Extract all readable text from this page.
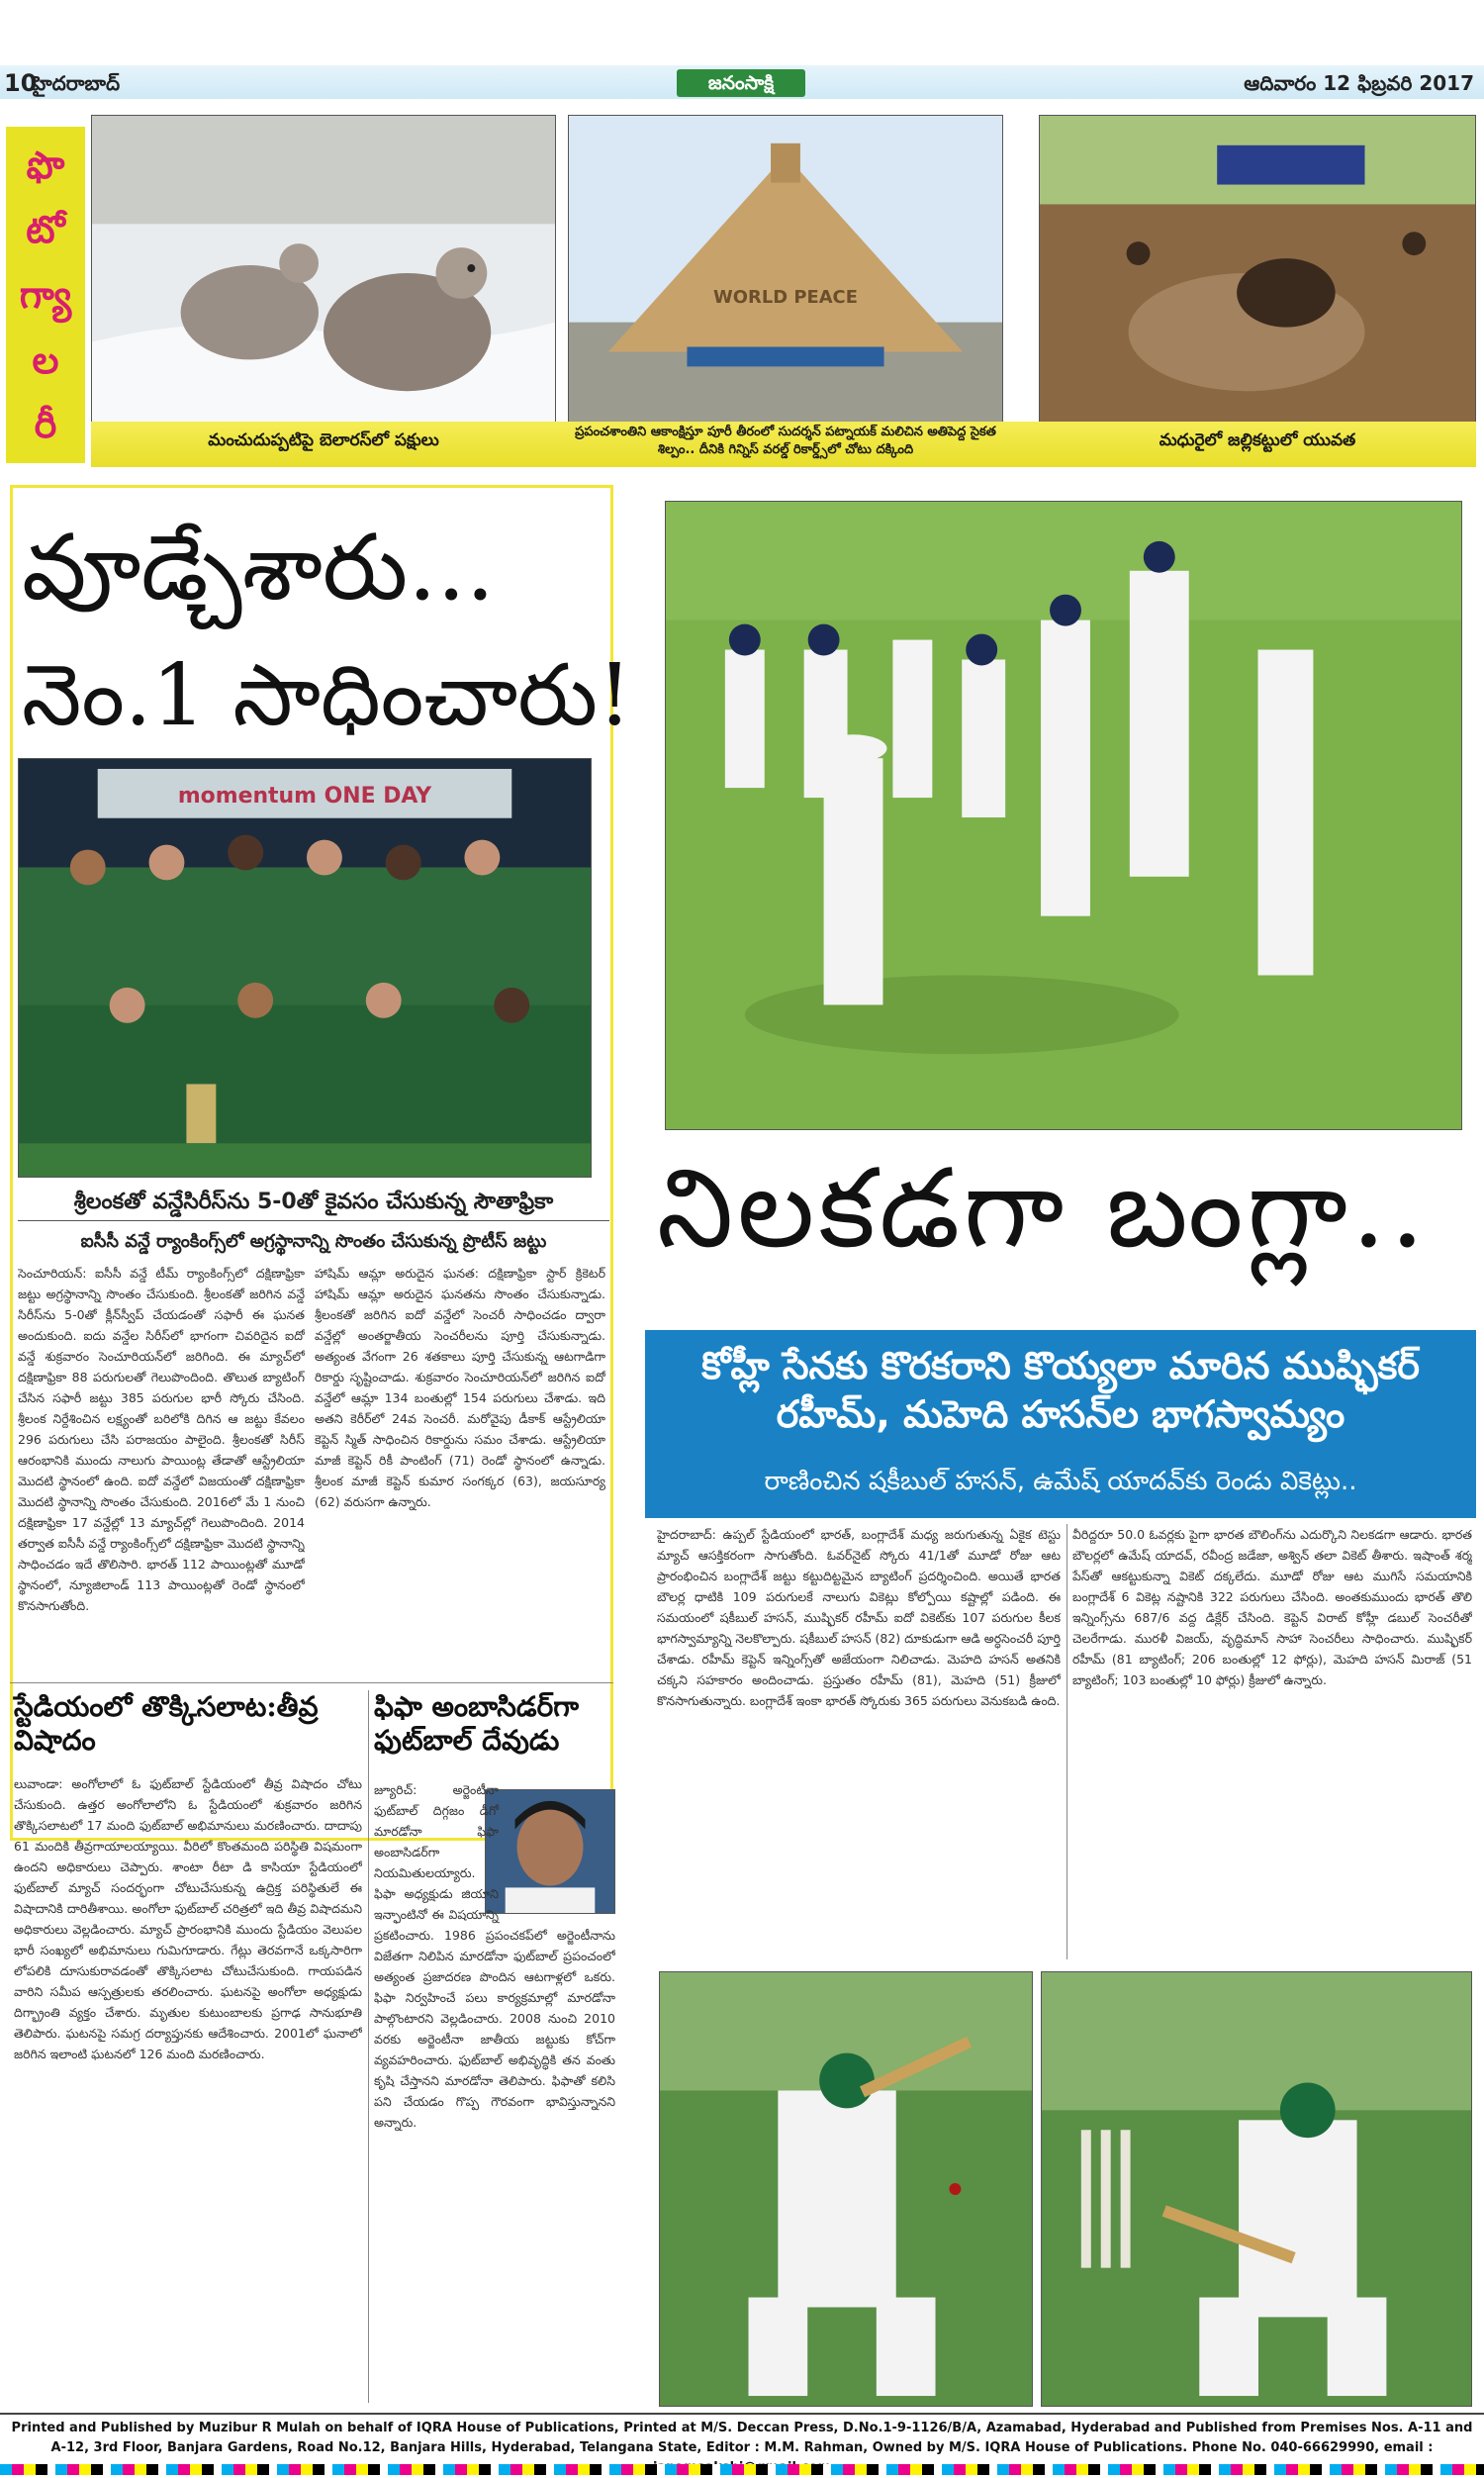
10
హైదరాబాద్	జనంసాక్షి	ఆదివారం 12 ఫిబ్రవరి 2017
ఫొ
టో
గ్యా
ల
రీ
WORLD PEACE
మంచుదుప్పటిపై బెలారస్‌లో పక్షులు	ప్రపంచశాంతిని ఆకాంక్షిస్తూ పూరీ తీరంలో సుదర్శన్ పట్నాయక్ మలిచిన అతిపెద్ద సైకత శిల్పం.. దీనికి గిన్నిస్ వరల్డ్ రికార్డ్స్‌లో చోటు దక్కింది	మధురైలో జల్లికట్టులో యువత
వూడ్చేశారు...
నెం.1 సాధించారు!
momentum ONE DAY
శ్రీలంకతో వన్డేసిరీస్‌ను 5-0తో కైవసం చేసుకున్న సౌతాఫ్రికా
ఐసీసీ వన్డే ర్యాంకింగ్స్‌లో అగ్రస్థానాన్ని సొంతం చేసుకున్న ప్రొటీస్ జట్టు
సెంచూరియన్: ఐసీసీ వన్డే టీమ్ ర్యాంకింగ్స్‌లో దక్షిణాఫ్రికా జట్టు అగ్రస్థానాన్ని సొంతం చేసుకుంది. శ్రీలంకతో జరిగిన వన్డే సిరీస్‌ను 5-0తో క్లీన్‌స్వీప్ చేయడంతో సఫారీ ఈ ఘనత అందుకుంది. ఐదు వన్డేల సిరీస్‌లో భాగంగా చివరిదైన ఐదో వన్డే శుక్రవారం సెంచూరియన్‌లో జరిగింది. ఈ మ్యాచ్‌లో దక్షిణాఫ్రికా 88 పరుగులతో గెలుపొందింది. తొలుత బ్యాటింగ్ చేసిన సఫారీ జట్టు 385 పరుగుల భారీ స్కోరు చేసింది. శ్రీలంక నిర్దేశించిన లక్ష్యంతో బరిలోకి దిగిన ఆ జట్టు కేవలం 296 పరుగులు చేసి పరాజయం పాలైంది. శ్రీలంకతో సిరీస్ ఆరంభానికి ముందు నాలుగు పాయింట్ల తేడాతో ఆస్ట్రేలియా మొదటి స్థానంలో ఉంది. ఐదో వన్డేలో విజయంతో దక్షిణాఫ్రికా మొదటి స్థానాన్ని సొంతం చేసుకుంది. 2016లో మే 1 నుంచి దక్షిణాఫ్రికా 17 వన్డేల్లో 13 మ్యాచ్‌ల్లో గెలుపొందింది. 2014 తర్వాత ఐసీసీ వన్డే ర్యాంకింగ్స్‌లో దక్షిణాఫ్రికా మొదటి స్థానాన్ని సాధించడం ఇదే తొలిసారి. భారత్ 112 పాయింట్లతో మూడో స్థానంలో, న్యూజిలాండ్ 113 పాయింట్లతో రెండో స్థానంలో కొనసాగుతోంది.
హాషిమ్ ఆమ్లా అరుదైన ఘనత: దక్షిణాఫ్రికా స్టార్ క్రికెటర్ హాషిమ్ ఆమ్లా అరుదైన ఘనతను సొంతం చేసుకున్నాడు. శ్రీలంకతో జరిగిన ఐదో వన్డేలో సెంచరీ సాధించడం ద్వారా వన్డేల్లో అంతర్జాతీయ సెంచరీలను పూర్తి చేసుకున్నాడు. అత్యంత వేగంగా 26 శతకాలు పూర్తి చేసుకున్న ఆటగాడిగా రికార్డు సృష్టించాడు. శుక్రవారం సెంచూరియన్‌లో జరిగిన ఐదో వన్డేలో ఆమ్లా 134 బంతుల్లో 154 పరుగులు చేశాడు. ఇది అతని కెరీర్‌లో 24వ సెంచరీ. మరోవైపు డీకాక్ ఆస్ట్రేలియా కెప్టెన్ స్మిత్ సాధించిన రికార్డును సమం చేశాడు. ఆస్ట్రేలియా మాజీ కెప్టెన్ రికీ పాంటింగ్ (71) రెండో స్థానంలో ఉన్నాడు. శ్రీలంక మాజీ కెప్టెన్ కుమార సంగక్కర (63), జయసూర్య (62) వరుసగా ఉన్నారు.
స్టేడియంలో తొక్కిసలాట:తీవ్ర విషాదం
లువాండా: అంగోలాలో ఓ ఫుట్‌బాల్ స్టేడియంలో తీవ్ర విషాదం చోటు చేసుకుంది. ఉత్తర అంగోలాలోని ఓ స్టేడియంలో శుక్రవారం జరిగిన తొక్కిసలాటలో 17 మంది ఫుట్‌బాల్ అభిమానులు మరణించారు. దాదాపు 61 మందికి తీవ్రగాయాలయ్యాయి. వీరిలో కొంతమంది పరిస్థితి విషమంగా ఉందని అధికారులు చెప్పారు. శాంటా రీటా డి కాసియా స్టేడియంలో ఫుట్‌బాల్ మ్యాచ్ సందర్భంగా చోటుచేసుకున్న ఉద్రిక్త పరిస్థితులే ఈ విషాదానికి దారితీశాయి. అంగోలా ఫుట్‌బాల్ చరిత్రలో ఇది తీవ్ర విషాదమని అధికారులు వెల్లడించారు. మ్యాచ్ ప్రారంభానికి ముందు స్టేడియం వెలుపల భారీ సంఖ్యలో అభిమానులు గుమిగూడారు. గేట్లు తెరవగానే ఒక్కసారిగా లోపలికి దూసుకురావడంతో తొక్కిసలాట చోటుచేసుకుంది. గాయపడిన వారిని సమీప ఆస్పత్రులకు తరలించారు. ఘటనపై అంగోలా అధ్యక్షుడు దిగ్భ్రాంతి వ్యక్తం చేశారు. మృతుల కుటుంబాలకు ప్రగాఢ సానుభూతి తెలిపారు. ఘటనపై సమగ్ర దర్యాప్తునకు ఆదేశించారు. 2001లో ఘనాలో జరిగిన ఇలాంటి ఘటనలో 126 మంది మరణించారు.
ఫిఫా అంబాసిడర్‌గా ఫుట్‌బాల్ దేవుడు
జ్యూరిచ్: అర్జెంటీనా ఫుట్‌బాల్ దిగ్గజం డీగో మారడోనా ఫిఫా అంబాసిడర్‌గా నియమితులయ్యారు. ఫిఫా అధ్యక్షుడు జియాని ఇన్ఫాంటినో ఈ విషయాన్ని ప్రకటించారు. 1986 ప్రపంచకప్‌లో అర్జెంటీనాను విజేతగా నిలిపిన మారడోనా ఫుట్‌బాల్ ప్రపంచంలో అత్యంత ప్రజాదరణ పొందిన ఆటగాళ్లలో ఒకరు. ఫిఫా నిర్వహించే పలు కార్యక్రమాల్లో మారడోనా పాల్గొంటారని వెల్లడించారు. 2008 నుంచి 2010 వరకు అర్జెంటీనా జాతీయ జట్టుకు కోచ్‌గా వ్యవహరించారు. ఫుట్‌బాల్ అభివృద్ధికి తన వంతు కృషి చేస్తానని మారడోనా తెలిపారు. ఫిఫాతో కలిసి పని చేయడం గొప్ప గౌరవంగా భావిస్తున్నానని అన్నారు.
నిలకడగా బంగ్లా..
కోహ్లీ సేనకు కొరకరాని కొయ్యలా మారిన ముష్ఫికర్ రహీమ్, మహెది హసన్‌ల భాగస్వామ్యం
రాణించిన షకీబుల్ హసన్, ఉమేష్ యాదవ్‌కు రెండు వికెట్లు..
హైదరాబాద్: ఉప్పల్ స్టేడియంలో భారత్, బంగ్లాదేశ్ మధ్య జరుగుతున్న ఏకైక టెస్టు మ్యాచ్ ఆసక్తికరంగా సాగుతోంది. ఓవర్‌నైట్ స్కోరు 41/1తో మూడో రోజు ఆట ప్రారంభించిన బంగ్లాదేశ్ జట్టు కట్టుదిట్టమైన బ్యాటింగ్ ప్రదర్శించింది. అయితే భారత బౌలర్ల ధాటికి 109 పరుగులకే నాలుగు వికెట్లు కోల్పోయి కష్టాల్లో పడింది. ఈ సమయంలో షకీబుల్ హసన్, ముష్ఫికర్ రహీమ్ ఐదో వికెట్‌కు 107 పరుగుల కీలక భాగస్వామ్యాన్ని నెలకొల్పారు. షకీబుల్ హసన్ (82) దూకుడుగా ఆడి అర్ధసెంచరీ పూర్తి చేశాడు. రహీమ్ కెప్టెన్ ఇన్నింగ్స్‌తో అజేయంగా నిలిచాడు. మెహది హసన్ అతనికి చక్కని సహకారం అందించాడు. ప్రస్తుతం రహీమ్ (81), మెహది (51) క్రీజులో కొనసాగుతున్నారు. బంగ్లాదేశ్ ఇంకా భారత్ స్కోరుకు 365 పరుగులు వెనుకబడి ఉంది.
వీరిద్దరూ 50.0 ఓవర్లకు పైగా భారత బౌలింగ్‌ను ఎదుర్కొని నిలకడగా ఆడారు. భారత బౌలర్లలో ఉమేష్ యాదవ్, రవీంద్ర జడేజా, అశ్విన్ తలా వికెట్ తీశారు. ఇషాంత్ శర్మ పేస్‌తో ఆకట్టుకున్నా వికెట్ దక్కలేదు. మూడో రోజు ఆట ముగిసే సమయానికి బంగ్లాదేశ్ 6 వికెట్ల నష్టానికి 322 పరుగులు చేసింది. అంతకుముందు భారత్ తొలి ఇన్నింగ్స్‌ను 687/6 వద్ద డిక్లేర్ చేసింది. కెప్టెన్ విరాట్ కోహ్లీ డబుల్ సెంచరీతో చెలరేగాడు. మురళీ విజయ్, వృద్ధిమాన్ సాహా సెంచరీలు సాధించారు. ముష్ఫికర్ రహీమ్ (81 బ్యాటింగ్; 206 బంతుల్లో 12 ఫోర్లు), మెహది హసన్ మిరాజ్ (51 బ్యాటింగ్; 103 బంతుల్లో 10 ఫోర్లు) క్రీజులో ఉన్నారు.
Printed and Published by Muzibur R Mulah on behalf of IQRA House of Publications, Printed at M/S. Deccan Press, D.No.1-9-1126/B/A, Azamabad, Hyderabad and Published from Premises Nos. A-11 and A-12, 3rd Floor, Banjara Gardens, Road No.12, Banjara Hills, Hyderabad, Telangana State, Editor : M.M. Rahman, Owned by M/S. IQRA House of Publications. Phone No. 040-66629990, email :
